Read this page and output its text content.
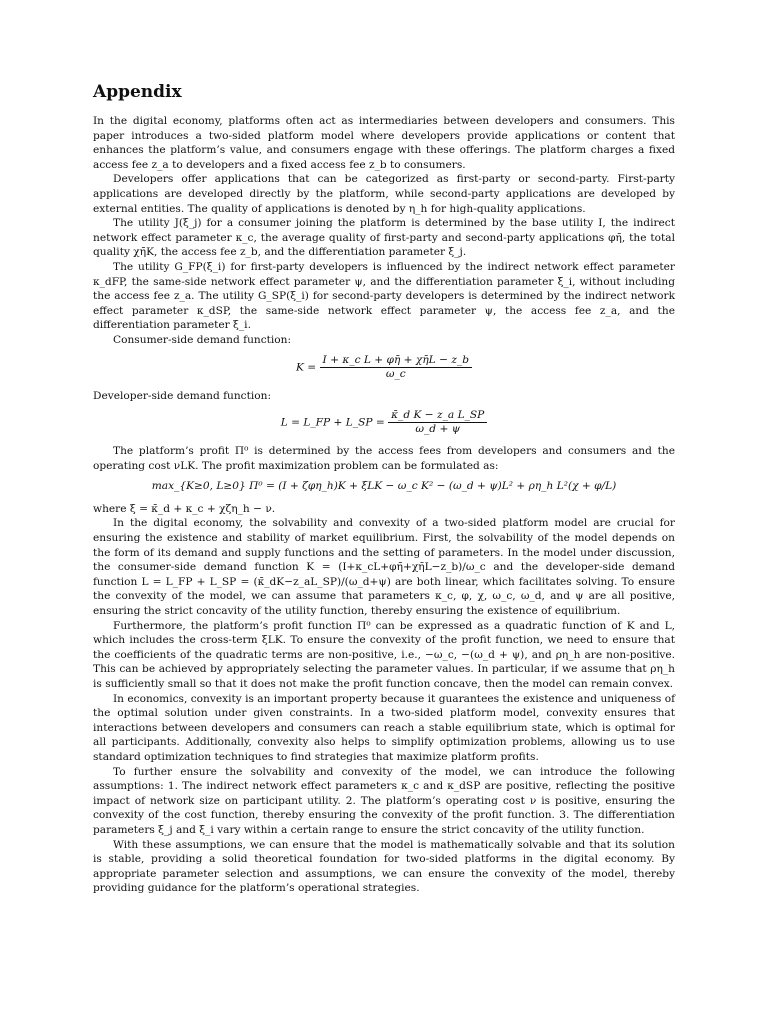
Appendix

In the digital economy, platforms often act as intermediaries between developers and consumers. This paper introduces a two-sided platform model where developers provide applications or content that enhances the platform’s value, and consumers engage with these offerings. The platform charges a fixed access fee z_a to developers and a fixed access fee z_b to consumers.

Developers offer applications that can be categorized as first-party or second-party. First-party applications are developed directly by the platform, while second-party applications are developed by external entities. The quality of applications is denoted by η_h for high-quality applications.

The utility J(ξ_j) for a consumer joining the platform is determined by the base utility I, the indirect network effect parameter κ_c, the average quality of first-party and second-party applications φη̄, the total quality χη̄K, the access fee z_b, and the differentiation parameter ξ_j.

The utility G_FP(ξ_i) for first-party developers is influenced by the indirect network effect parameter κ_dFP, the same-side network effect parameter ψ, and the differentiation parameter ξ_i, without including the access fee z_a. The utility G_SP(ξ_i) for second-party developers is determined by the indirect network effect parameter κ_dSP, the same-side network effect parameter ψ, the access fee z_a, and the differentiation parameter ξ_i.

Consumer-side demand function:

$K = \frac{\text{I + κ\_c L + φη̄ + χη̄L − z\_b}}{\omega\_c}$

Developer-side demand function:

L = L_FP + L_SP = $\frac{\text{κ̄\_d K − z\_a L\_SP}}{\omega\_d + \psi}$

The platform’s profit Π⁰ is determined by the access fees from developers and consumers and the operating cost νLK. The profit maximization problem can be formulated as:

max_{K≥0, L≥0} Π⁰ = (I + ζφη_h)K + ξLK − ω_c K² − (ω_d + ψ)L² + ρη_h L²(χ + φ/L)

where ξ = κ̄_d + κ_c + χζη_h − ν.

In the digital economy, the solvability and convexity of a two-sided platform model are crucial for ensuring the existence and stability of market equilibrium. First, the solvability of the model depends on the form of its demand and supply functions and the setting of parameters. In the model under discussion, the consumer-side demand function K = (I+κ_cL+φη̄+χη̄L−z_b)/ω_c and the developer-side demand function L = L_FP + L_SP = (κ̄_dK−z_aL_SP)/(ω_d+ψ) are both linear, which facilitates solving. To ensure the convexity of the model, we can assume that parameters κ_c, φ, χ, ω_c, ω_d, and ψ are all positive, ensuring the strict concavity of the utility function, thereby ensuring the existence of equilibrium.

Furthermore, the platform’s profit function Π⁰ can be expressed as a quadratic function of K and L, which includes the cross-term ξLK. To ensure the convexity of the profit function, we need to ensure that the coefficients of the quadratic terms are non-positive, i.e., −ω_c, −(ω_d + ψ), and ρη_h are non-positive. This can be achieved by appropriately selecting the parameter values. In particular, if we assume that ρη_h is sufficiently small so that it does not make the profit function concave, then the model can remain convex.

In economics, convexity is an important property because it guarantees the existence and uniqueness of the optimal solution under given constraints. In a two-sided platform model, convexity ensures that interactions between developers and consumers can reach a stable equilibrium state, which is optimal for all participants. Additionally, convexity also helps to simplify optimization problems, allowing us to use standard optimization techniques to find strategies that maximize platform profits.

To further ensure the solvability and convexity of the model, we can introduce the following assumptions: 1. The indirect network effect parameters κ_c and κ_dSP are positive, reflecting the positive impact of network size on participant utility. 2. The platform’s operating cost ν is positive, ensuring the convexity of the cost function, thereby ensuring the convexity of the profit function. 3. The differentiation parameters ξ_j and ξ_i vary within a certain range to ensure the strict concavity of the utility function.

With these assumptions, we can ensure that the model is mathematically solvable and that its solution is stable, providing a solid theoretical foundation for two-sided platforms in the digital economy. By appropriate parameter selection and assumptions, we can ensure the convexity of the model, thereby providing guidance for the platform’s operational strategies.
